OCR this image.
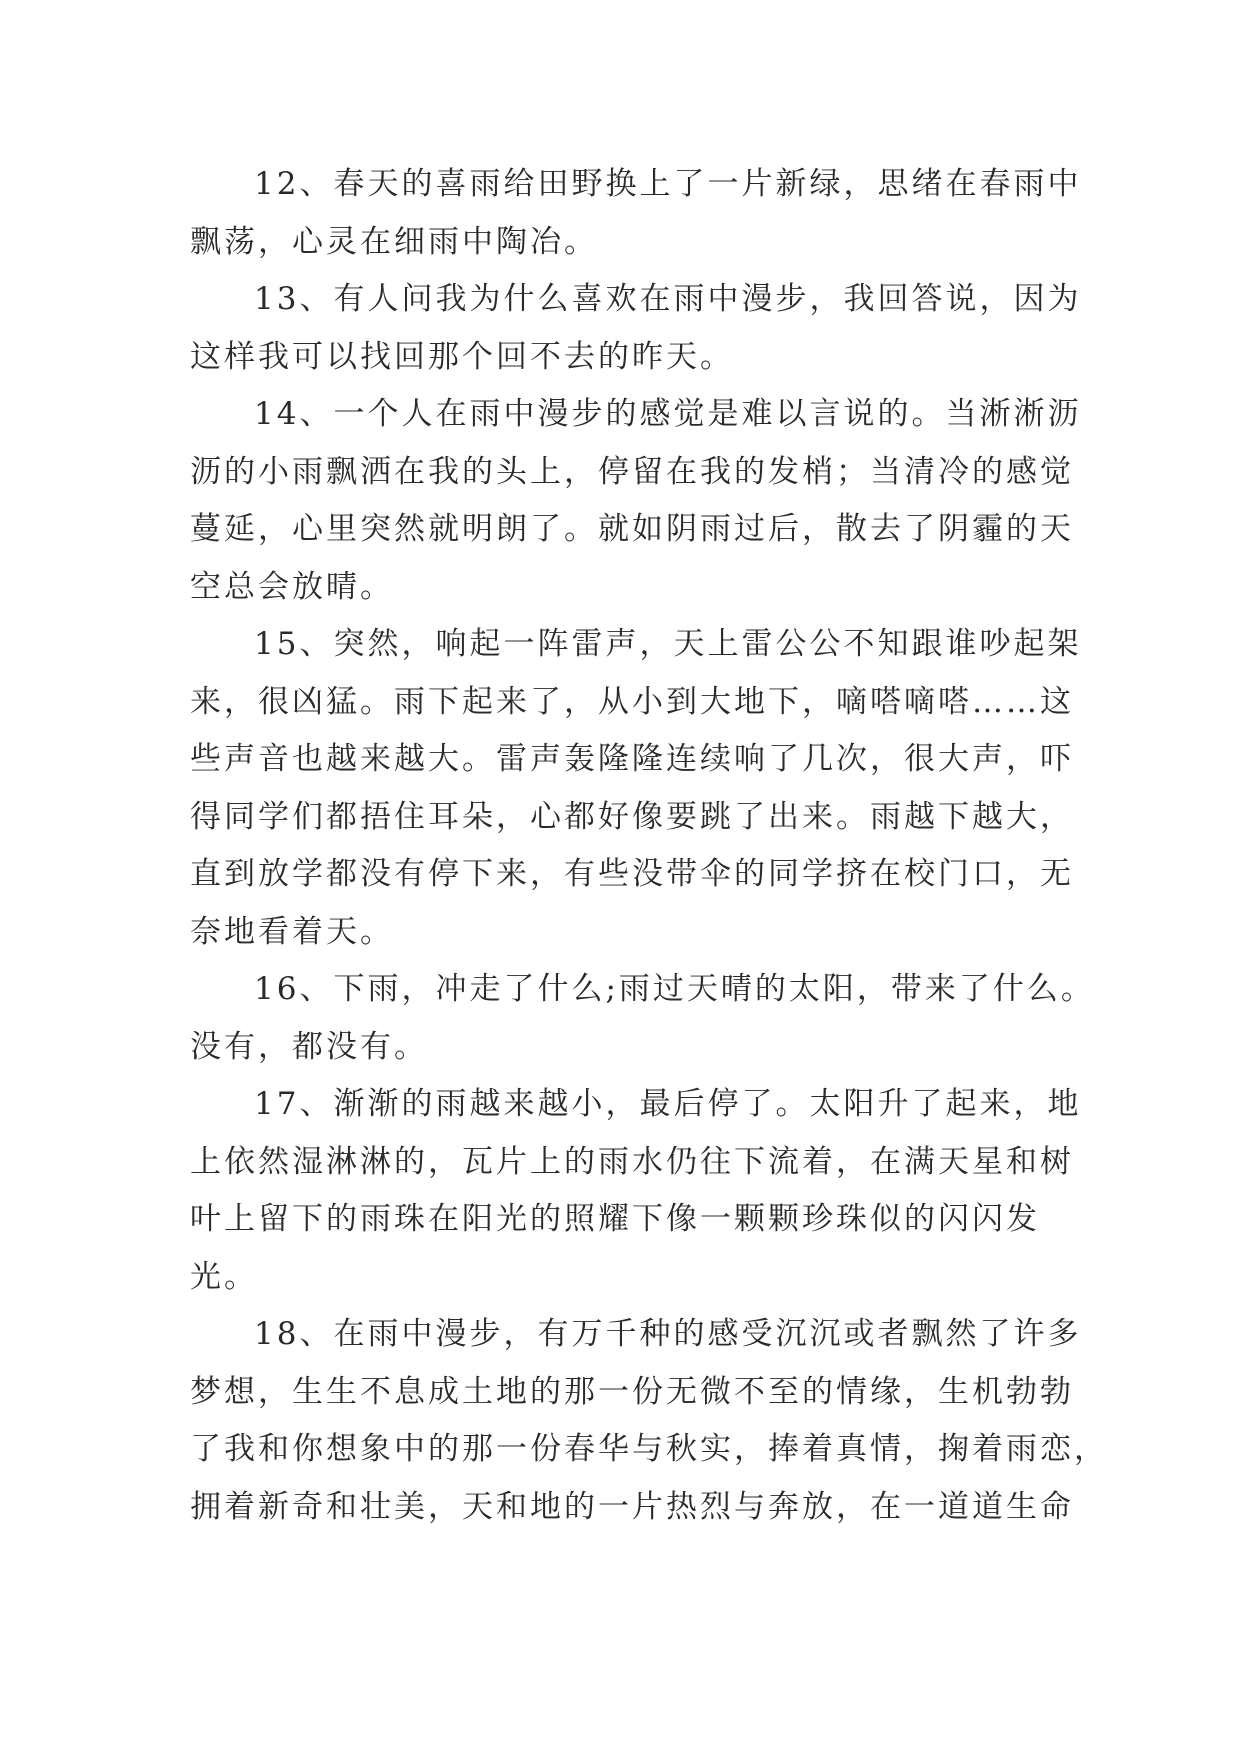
12、春天的喜雨给田野换上了一片新绿，思绪在春雨中
飘荡，心灵在细雨中陶冶。
13、有人问我为什么喜欢在雨中漫步，我回答说，因为
这样我可以找回那个回不去的昨天。
14、一个人在雨中漫步的感觉是难以言说的。当淅淅沥
沥的小雨飘洒在我的头上，停留在我的发梢；当清冷的感觉
蔓延，心里突然就明朗了。就如阴雨过后，散去了阴霾的天
空总会放晴。
15、突然，响起一阵雷声，天上雷公公不知跟谁吵起架
来，很凶猛。雨下起来了，从小到大地下，嘀嗒嘀嗒……这
些声音也越来越大。雷声轰隆隆连续响了几次，很大声，吓
得同学们都捂住耳朵，心都好像要跳了出来。雨越下越大，
直到放学都没有停下来，有些没带伞的同学挤在校门口，无
奈地看着天。
16、下雨，冲走了什么;雨过天晴的太阳，带来了什么。
没有，都没有。
17、渐渐的雨越来越小，最后停了。太阳升了起来，地
上依然湿淋淋的，瓦片上的雨水仍往下流着，在满天星和树
叶上留下的雨珠在阳光的照耀下像一颗颗珍珠似的闪闪发
光。
18、在雨中漫步，有万千种的感受沉沉或者飘然了许多
梦想，生生不息成土地的那一份无微不至的情缘，生机勃勃
了我和你想象中的那一份春华与秋实，捧着真情，掬着雨恋，
拥着新奇和壮美，天和地的一片热烈与奔放，在一道道生命
